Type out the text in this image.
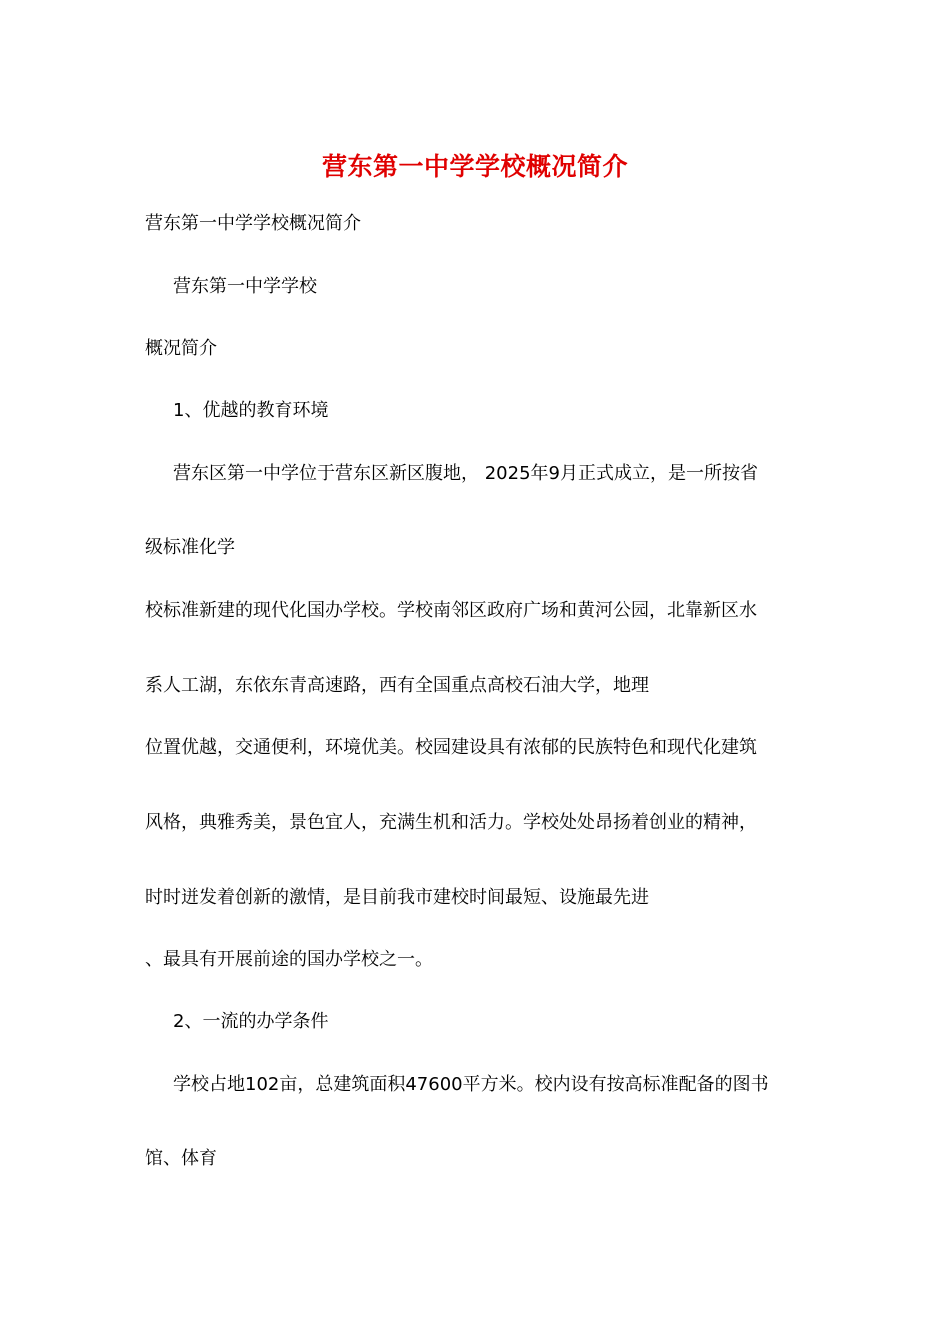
营东第一中学学校概况简介

营东第一中学学校概况简介

营东第一中学学校

概况简介

1、优越的教育环境

营东区第一中学位于营东区新区腹地， 2025年9月正式成立，是一所按省

级标准化学

校标准新建的现代化国办学校。学校南邻区政府广场和黄河公园，北靠新区水

系人工湖，东依东青高速路，西有全国重点高校石油大学，地理

位置优越，交通便利，环境优美。校园建设具有浓郁的民族特色和现代化建筑

风格，典雅秀美，景色宜人，充满生机和活力。学校处处昂扬着创业的精神，

时时迸发着创新的激情，是目前我市建校时间最短、设施最先进

、最具有开展前途的国办学校之一。

2、一流的办学条件

学校占地102亩，总建筑面积47600平方米。校内设有按高标准配备的图书

馆、体育
